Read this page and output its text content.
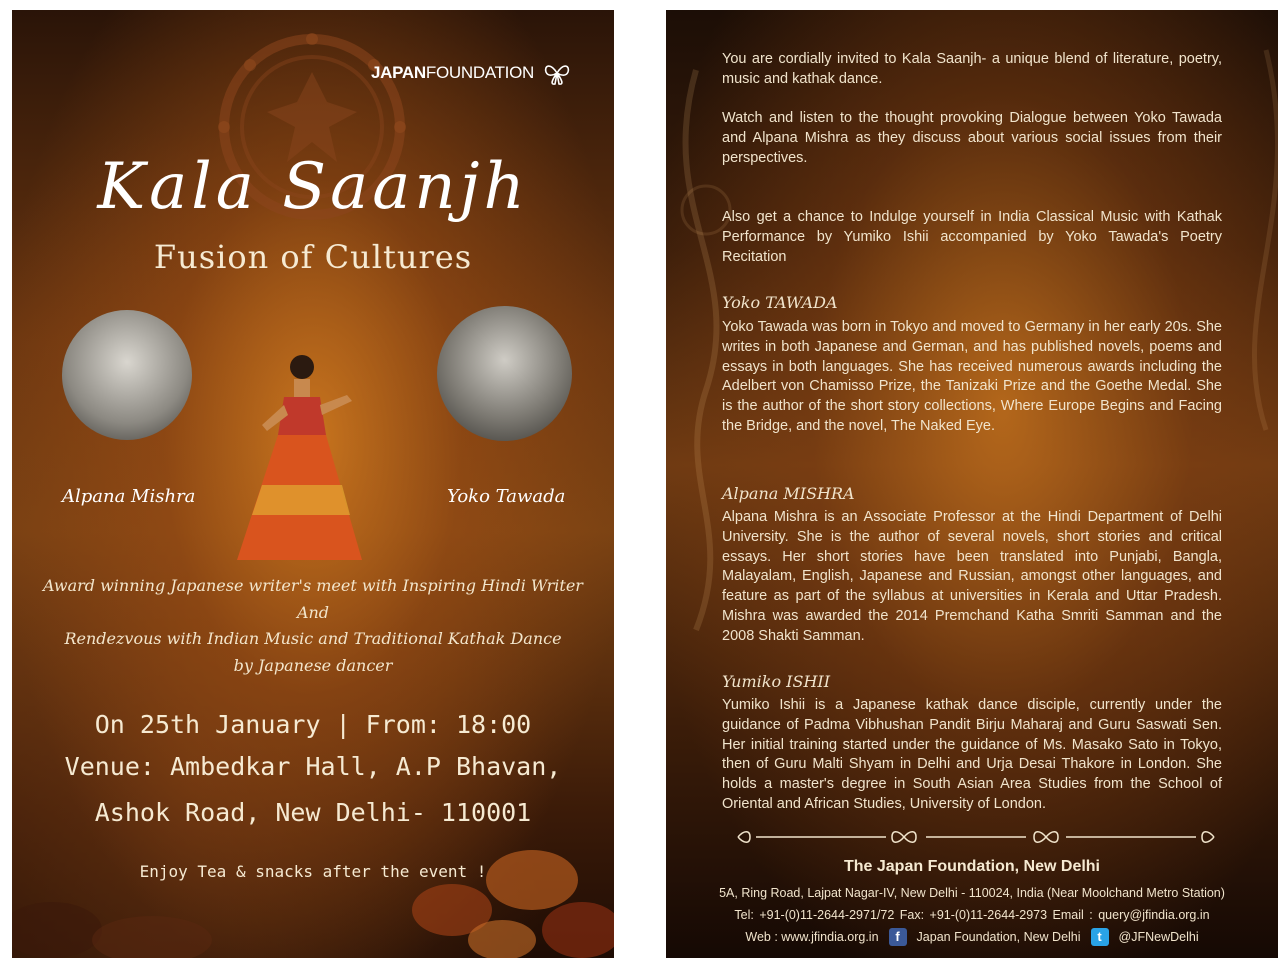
JAPANFOUNDATION
Kala Saanjh
Fusion of Cultures
Alpana Mishra	Yoko Tawada
Award winning Japanese writer's meet with Inspiring Hindi Writer
And
Rendezvous with Indian Music and Traditional Kathak Dance
by Japanese dancer
On 25th January | From: 18:00
Venue: Ambedkar Hall, A.P Bhavan,
Ashok Road, New Delhi- 110001
Enjoy Tea & snacks after the event !
You are cordially invited to Kala Saanjh- a unique blend of literature, poetry, music and kathak dance.
Watch and listen to the thought provoking Dialogue between Yoko Tawada and Alpana Mishra as they discuss about various social issues from their perspectives.
Also get a chance to Indulge yourself in India Classical Music with Kathak Performance by Yumiko Ishii accompanied by Yoko Tawada's Poetry Recitation
Yoko TAWADA
Yoko Tawada was born in Tokyo and moved to Germany in her early 20s. She writes in both Japanese and German, and has published novels, poems and essays in both languages. She has received numerous awards including the Adelbert von Chamisso Prize, the Tanizaki Prize and the Goethe Medal. She is the author of the short story collections, Where Europe Begins and Facing the Bridge, and the novel, The Naked Eye.
Alpana MISHRA
Alpana Mishra is an Associate Professor at the Hindi Department of Delhi University. She is the author of several novels, short stories and critical essays. Her short stories have been translated into Punjabi, Bangla, Malayalam, English, Japanese and Russian, amongst other languages, and feature as part of the syllabus at universities in Kerala and Uttar Pradesh. Mishra was awarded the 2014 Premchand Katha Smriti Samman and the 2008 Shakti Samman.
Yumiko ISHII
Yumiko Ishii is a Japanese kathak dance disciple, currently under the guidance of Padma Vibhushan Pandit Birju Maharaj and Guru Saswati Sen. Her initial training started under the guidance of Ms. Masako Sato in Tokyo, then of Guru Malti Shyam in Delhi and Urja Desai Thakore in London. She holds a master's degree in South Asian Area Studies from the School of Oriental and African Studies, University of London.
The Japan Foundation, New Delhi
5A, Ring Road, Lajpat Nagar-IV, New Delhi - 110024, India (Near Moolchand Metro Station)
Tel: +91-(0)11-2644-2971/72 Fax: +91-(0)11-2644-2973 Email : query@jfindia.org.in
Web : www.jfindia.org.in	f	Japan Foundation, New Delhi	t	@JFNewDelhi
